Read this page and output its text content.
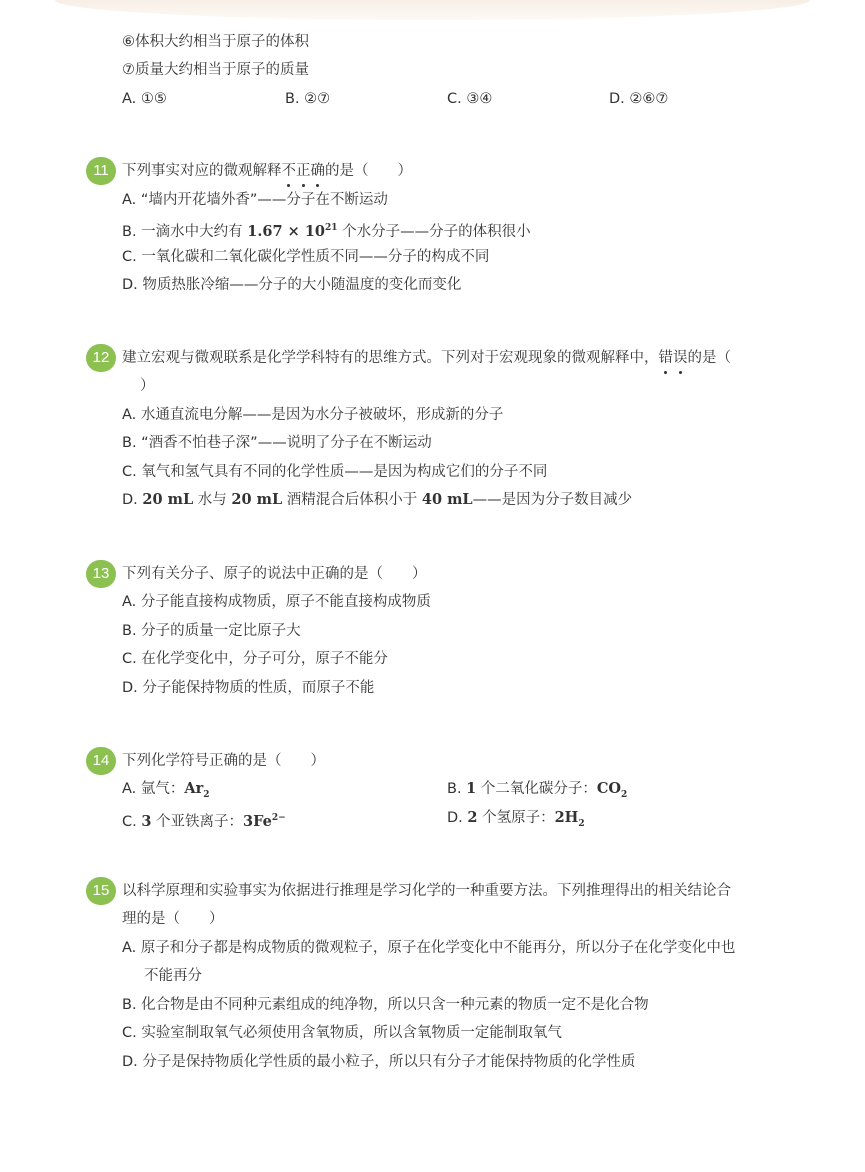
⑥体积大约相当于原子的体积
⑦质量大约相当于原子的质量
A. ①⑤	B. ②⑦	C. ③④	D. ②⑥⑦
11 下列事实对应的微观解释不正确的是（　　）
A. “墙内开花墙外香”——分子在不断运动
B. 一滴水中大约有 $1.67 \times 10^{21}$ 个水分子——分子的体积很小
C. 一氧化碳和二氧化碳化学性质不同——分子的构成不同
D. 物质热胀冷缩——分子的大小随温度的变化而变化
12 建立宏观与微观联系是化学学科特有的思维方式。下列对于宏观现象的微观解释中，错误的是（
）
A. 水通直流电分解——是因为水分子被破坏，形成新的分子
B. “酒香不怕巷子深”——说明了分子在不断运动
C. 氧气和氢气具有不同的化学性质——是因为构成它们的分子不同
D. 20 mL 水与 20 mL 酒精混合后体积小于 40 mL——是因为分子数目减少
13 下列有关分子、原子的说法中正确的是（　　）
A. 分子能直接构成物质，原子不能直接构成物质
B. 分子的质量一定比原子大
C. 在化学变化中，分子可分，原子不能分
D. 分子能保持物质的性质，而原子不能
14 下列化学符号正确的是（　　）
A. 氩气：$Ar_2$	B. 1 个二氧化碳分子：$CO_2$
C. 3 个亚铁离子：$3Fe^{2-}$	D. 2 个氢原子：$2H_2$
15 以科学原理和实验事实为依据进行推理是学习化学的一种重要方法。下列推理得出的相关结论合
理的是（　　）
A. 原子和分子都是构成物质的微观粒子，原子在化学变化中不能再分，所以分子在化学变化中也
不能再分
B. 化合物是由不同种元素组成的纯净物，所以只含一种元素的物质一定不是化合物
C. 实验室制取氧气必须使用含氧物质，所以含氧物质一定能制取氧气
D. 分子是保持物质化学性质的最小粒子，所以只有分子才能保持物质的化学性质
